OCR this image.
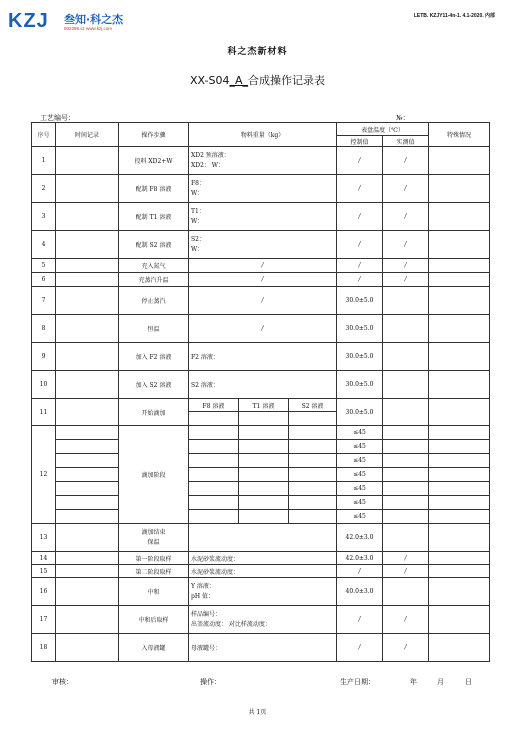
KZJ 叁知·科之杰
002398.sz www.kzj.com
LETB. KZJY11-4n-1. 4.1-2020. 内部
科之杰新材料
XX-S04_A_合成操作记录表
工艺编号：	№：
序号	时间记录	操作步骤	物料重量（kg）			表盘温度（℃）		特殊情况
						控制值	实测值	
1		投料 XD2+W	XD2 预溶液：
XD2： W：			/	/	
2		配制 F8 溶液	F8：
W：			/	/	
3		配制 T1 溶液	T1：
W：			/	/	
4		配制 S2 溶液	S2：
W：			/	/	
5		充入氮气	/			/	/	
6		充蒸汽升温	/			/	/	
7		停止蒸汽	/			30.0±5.0		
8		恒温	/			30.0±5.0		
9		加入 F2 溶液	F2 溶液：			30.0±5.0		
10		加入 S2 溶液	S2 溶液：			30.0±5.0		
11		开始滴加	F8 溶液	T1 溶液	S2 溶液	30.0±5.0		

12		滴加阶段				≤45		
						≤45		
						≤45		
						≤45		
						≤45		
						≤45		
						≤45		
13		滴加结束
保温				42.0±3.0		
14		第一阶段取样	水泥砂浆流动度：			42.0±3.0	/	
15		第二阶段取样	水泥砂浆流动度：			/	/	
16		中和	Y 溶液：
pH 值：			40.0±3.0		
17		中和后取样	样品编号：
出釜流动度： 对比样流动度：			/	/	
18		入母液罐	母液罐号：			/	/	
审核：	操作：	生产日期：	年	月	日
共 1页
